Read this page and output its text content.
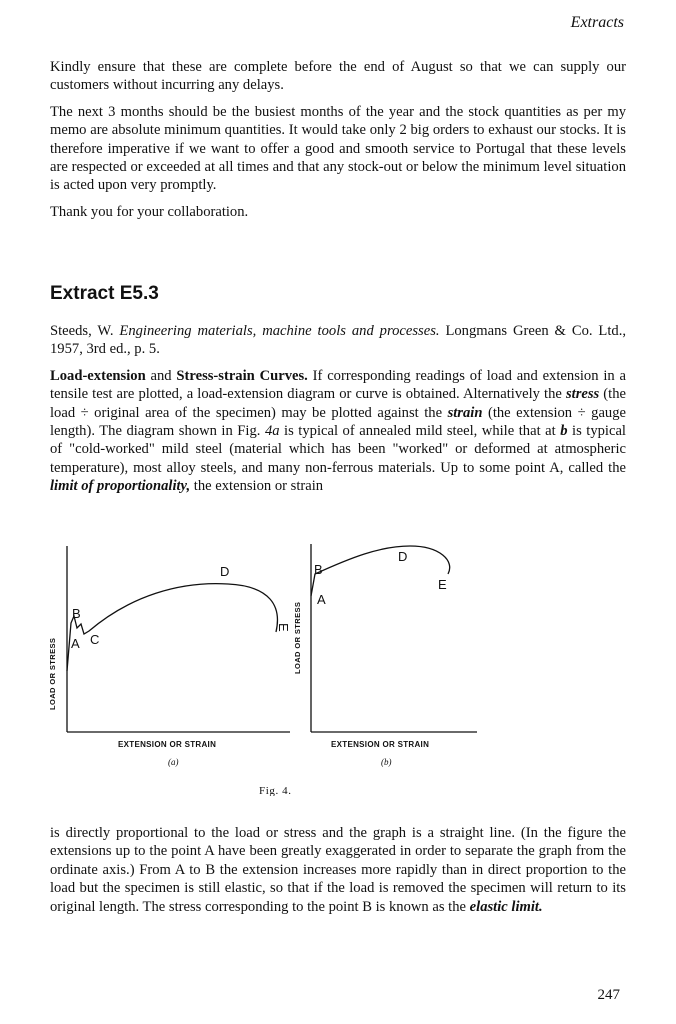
Extracts

Kindly ensure that these are complete before the end of August so that we can supply our customers without incurring any delays.

The next 3 months should be the busiest months of the year and the stock quantities as per my memo are absolute minimum quantities. It would take only 2 big orders to exhaust our stocks. It is therefore imperative if we want to offer a good and smooth service to Portugal that these levels are respected or exceeded at all times and that any stock-out or below the minimum level situation is acted upon very promptly.

Thank you for your collaboration.

Extract E5.3

Steeds, W. Engineering materials, machine tools and processes. Longmans Green & Co. Ltd., 1957, 3rd ed., p. 5.

Load-extension and Stress-strain Curves. If corresponding readings of load and extension in a tensile test are plotted, a load-extension diagram or curve is obtained. Alternatively the stress (the load ÷ original area of the specimen) may be plotted against the strain (the extension ÷ gauge length). The diagram shown in Fig. 4a is typical of annealed mild steel, while that at b is typical of "cold-worked" mild steel (material which has been "worked" or deformed at atmospheric temperature), most alloy steels, and many non-ferrous materials. Up to some point A, called the limit of proportionality, the extension or strain

LOAD OR STRESS A
B
C
D
E
EXTENSION OR STRAIN
(a)
LOAD OR STRESS
A
B
D
E
EXTENSION OR STRAIN
(b)
Fig. 4.

is directly proportional to the load or stress and the graph is a straight line. (In the figure the extensions up to the point A have been greatly exaggerated in order to separate the graph from the ordinate axis.) From A to B the extension increases more rapidly than in direct proportion to the load but the specimen is still elastic, so that if the load is removed the specimen will return to its original length. The stress corresponding to the point B is known as the elastic limit.

247
